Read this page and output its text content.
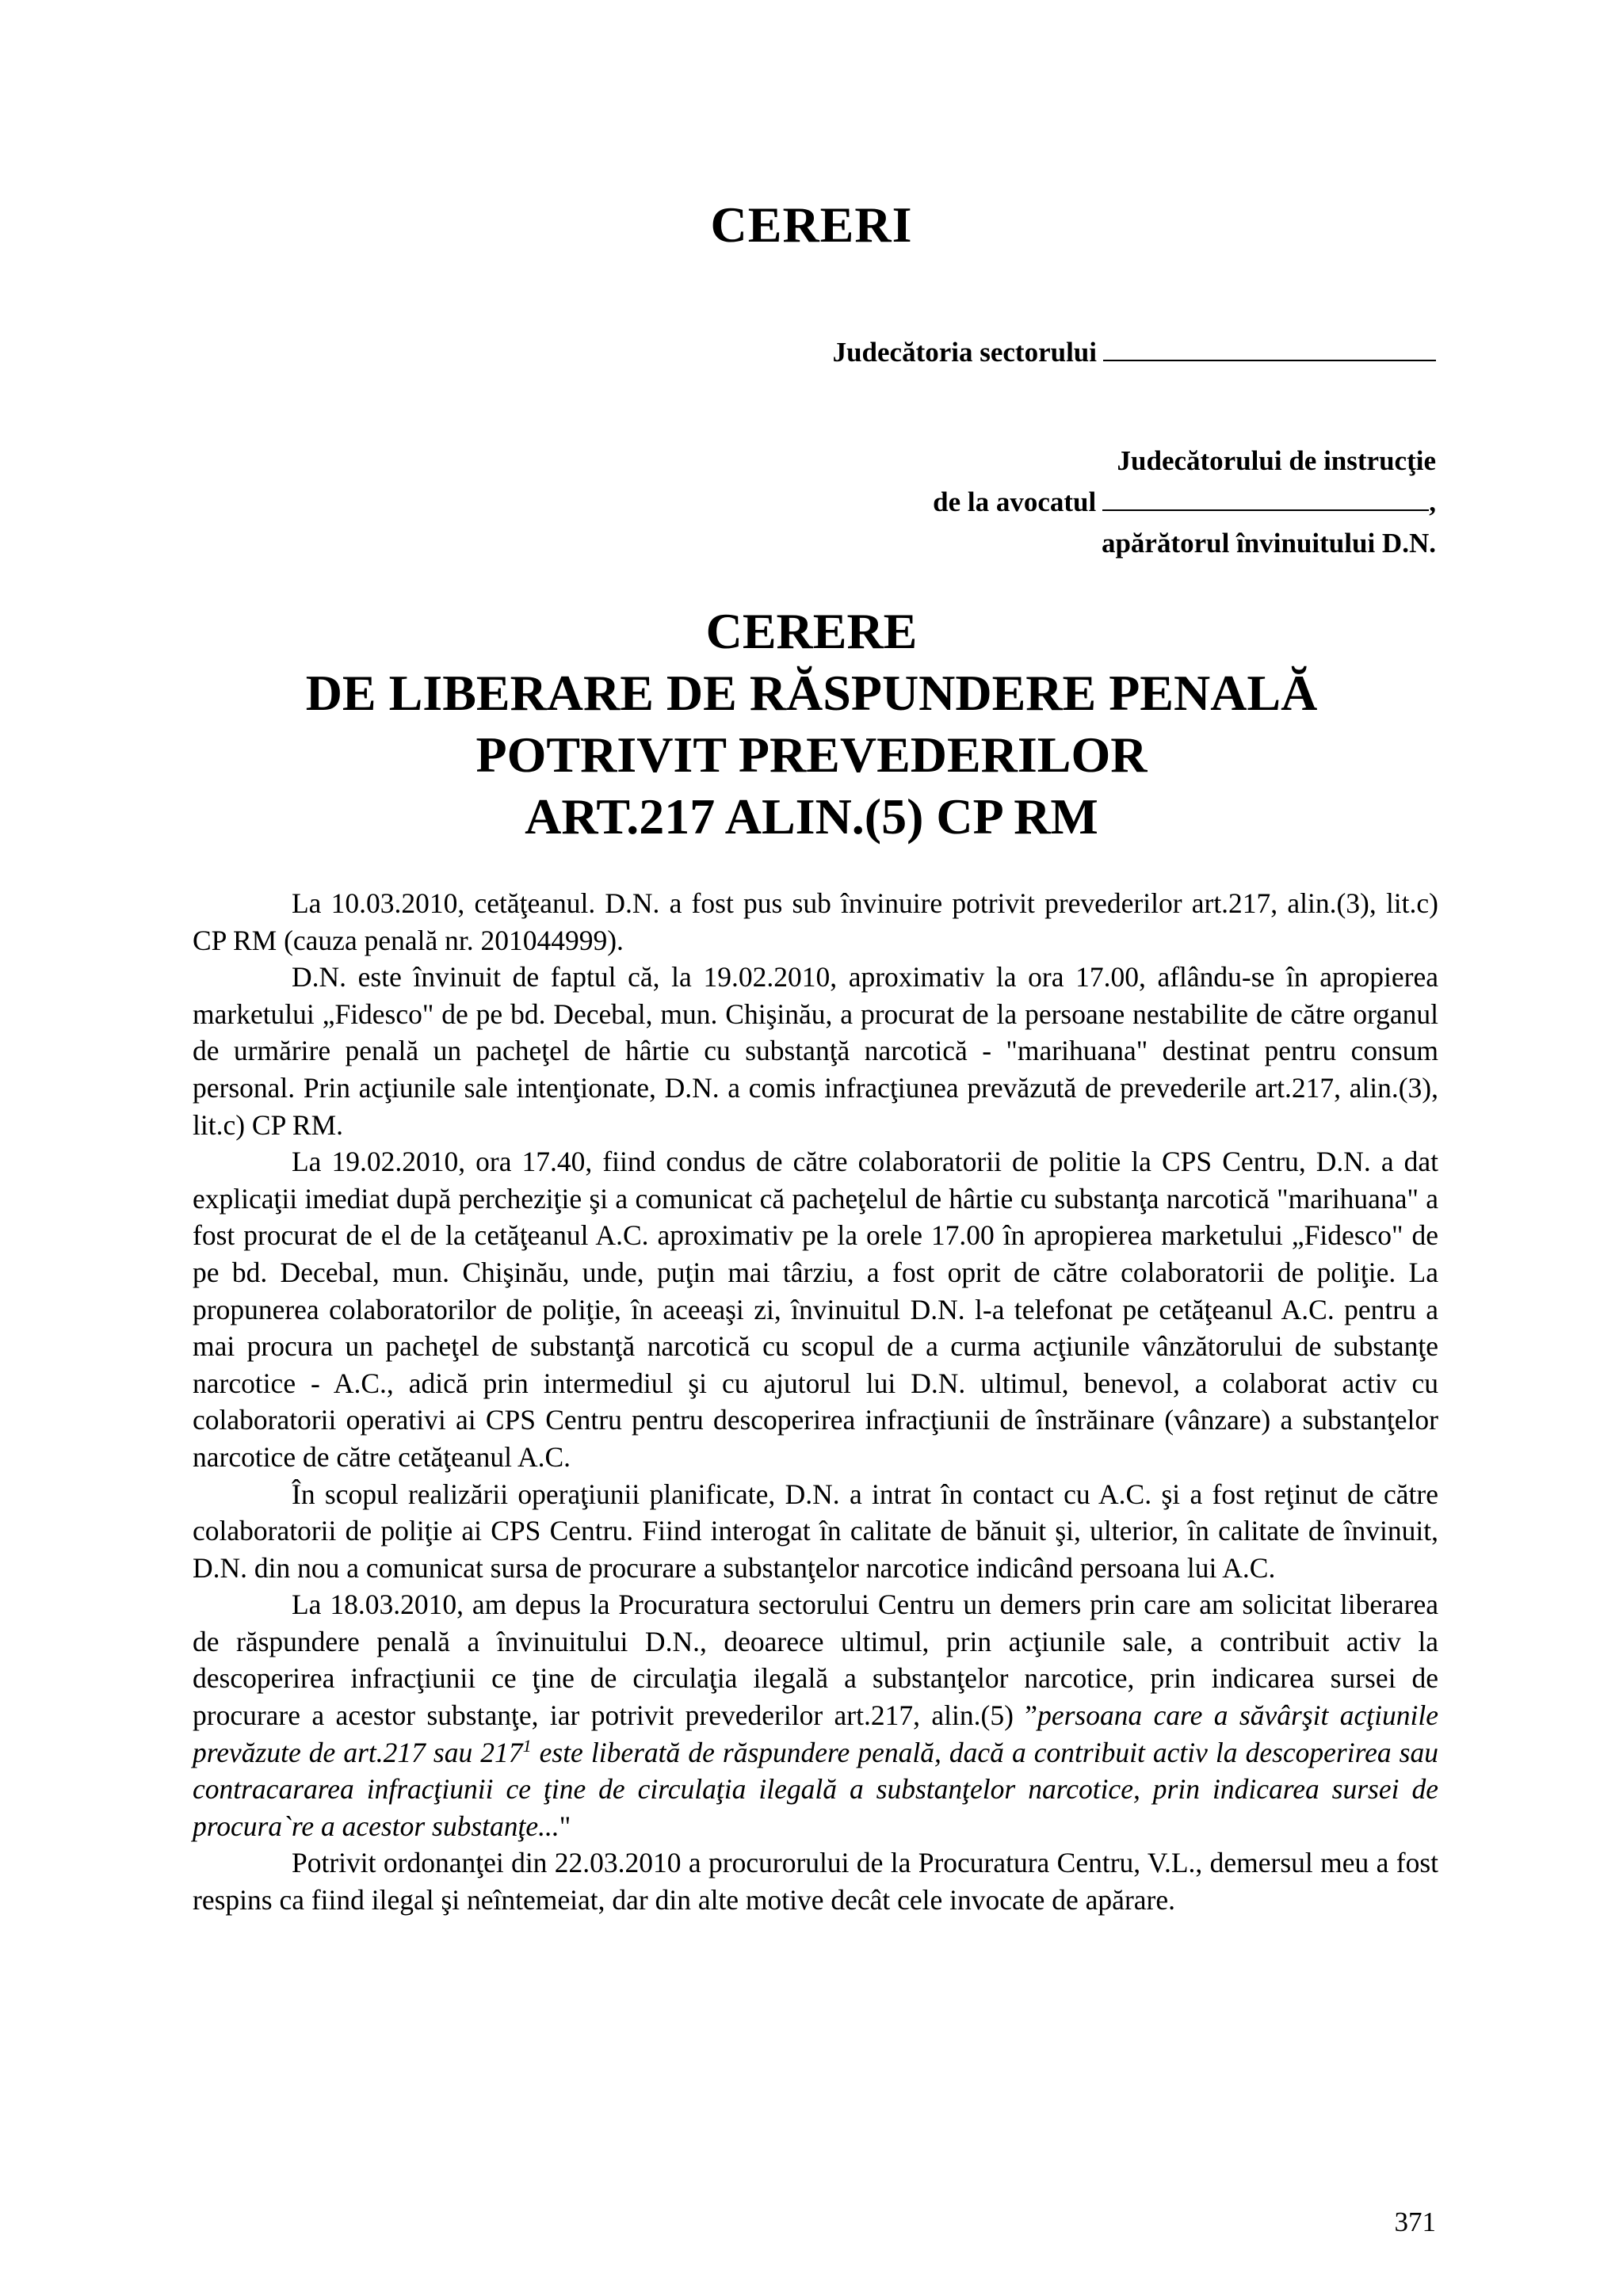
CERERI
Judecătoria sectorului
Judecătorului de instrucţie
de la avocatul	,
apărătorul învinuitului D.N.
CERERE
DE LIBERARE DE RĂSPUNDERE PENALĂ
POTRIVIT PREVEDERILOR
ART.217 ALIN.(5) CP RM

La 10.03.2010, cetăţeanul. D.N. a fost pus sub învinuire potrivit prevederilor art.217, alin.(3), lit.c) CP RM (cauza penală nr. 201044999).

D.N. este învinuit de faptul că, la 19.02.2010, aproximativ la ora 17.00, aflându-se în apropierea marketului „Fidesco" de pe bd. Decebal, mun. Chişinău, a procurat de la persoane nestabilite de către organul de urmărire penală un pacheţel de hârtie cu substanţă narcotică - "marihuana" destinat pentru consum personal. Prin acţiunile sale intenţionate, D.N. a comis infracţiunea prevăzută de prevederile art.217, alin.(3), lit.c) CP RM.

La 19.02.2010, ora 17.40, fiind condus de către colaboratorii de politie la CPS Centru, D.N. a dat explicaţii imediat după percheziţie şi a comunicat că pacheţelul de hârtie cu substanţa narcotică "marihuana" a fost procurat de el de la cetăţeanul A.C. aproximativ pe la orele 17.00 în apropierea marketului „Fidesco" de pe bd. Decebal, mun. Chişinău, unde, puţin mai târziu, a fost oprit de către colaboratorii de poliţie. La propunerea colaboratorilor de poliţie, în aceeaşi zi, învinuitul D.N. l-a telefonat pe cetăţeanul A.C. pentru a mai procura un pacheţel de substanţă narcotică cu scopul de a curma acţiunile vânzătorului de substanţe narcotice - A.C., adică prin intermediul şi cu ajutorul lui D.N. ultimul, benevol, a colaborat activ cu colaboratorii operativi ai CPS Centru pentru descoperirea infracţiunii de înstrăinare (vânzare) a substanţelor narcotice de către cetăţeanul A.C.

În scopul realizării operaţiunii planificate, D.N. a intrat în contact cu A.C. şi a fost reţinut de către colaboratorii de poliţie ai CPS Centru. Fiind interogat în calitate de bănuit şi, ulterior, în calitate de învinuit, D.N. din nou a comunicat sursa de procurare a substanţelor narcotice indicând persoana lui A.C.

La 18.03.2010, am depus la Procuratura sectorului Centru un demers prin care am solicitat liberarea de răspundere penală a învinuitului D.N., deoarece ultimul, prin acţiunile sale, a contribuit activ la descoperirea infracţiunii ce ţine de circulaţia ilegală a substanţelor narcotice, prin indicarea sursei de procurare a acestor substanţe, iar potrivit prevederilor art.217, alin.(5) ”persoana care a săvârşit acţiunile prevăzute de art.217 sau $217^1$ este liberată de răspundere penală, dacă a contribuit activ la descoperirea sau contracararea infracţiunii ce ţine de circulaţia ilegală a substanţelor narcotice, prin indicarea sursei de procura`re a acestor substanţe..."

Potrivit ordonanţei din 22.03.2010 a procurorului de la Procuratura Centru, V.L., demersul meu a fost respins ca fiind ilegal şi neîntemeiat, dar din alte motive decât cele invocate de apărare.

371
